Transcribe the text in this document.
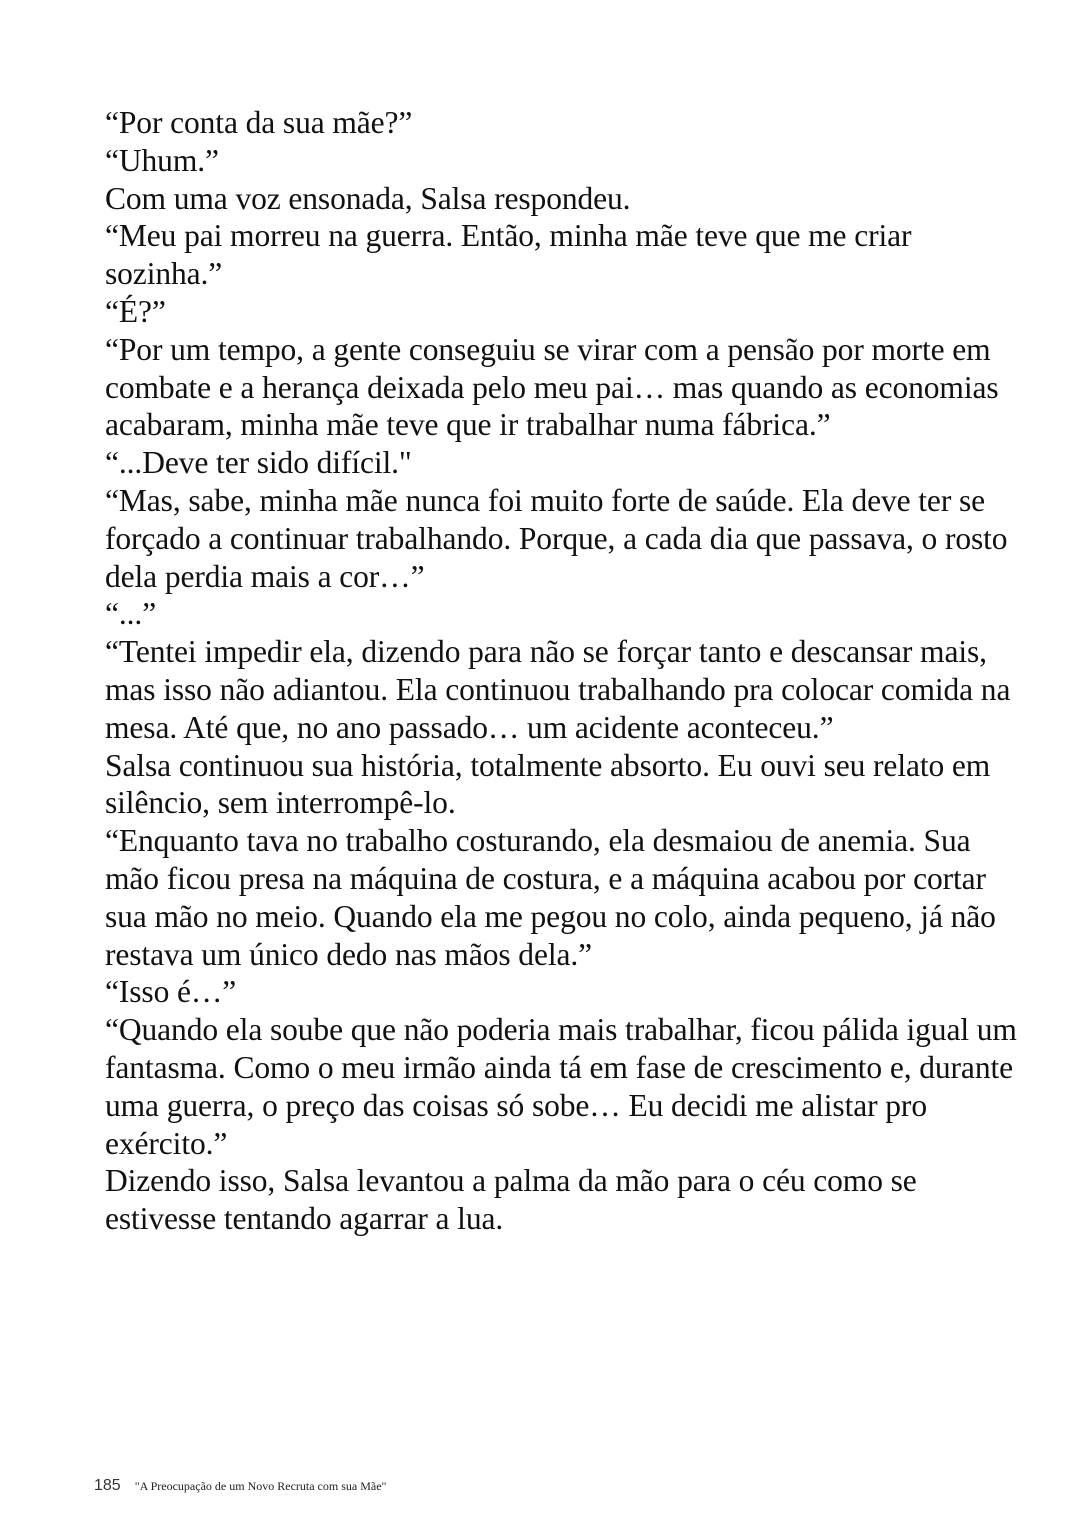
“Por conta da sua mãe?”

“Uhum.”

Com uma voz ensonada, Salsa respondeu.

“Meu pai morreu na guerra. Então, minha mãe teve que me criar sozinha.”

“É?”

“Por um tempo, a gente conseguiu se virar com a pensão por morte em combate e a herança deixada pelo meu pai… mas quando as economias acabaram, minha mãe teve que ir trabalhar numa fábrica.”

“...Deve ter sido difícil."

“Mas, sabe, minha mãe nunca foi muito forte de saúde. Ela deve ter se forçado a continuar trabalhando. Porque, a cada dia que passava, o rosto dela perdia mais a cor…”

“...”

“Tentei impedir ela, dizendo para não se forçar tanto e descansar mais, mas isso não adiantou. Ela continuou trabalhando pra colocar comida na mesa. Até que, no ano passado… um acidente aconteceu.”

Salsa continuou sua história, totalmente absorto. Eu ouvi seu relato em silêncio, sem interrompê-lo.

“Enquanto tava no trabalho costurando, ela desmaiou de anemia. Sua mão ficou presa na máquina de costura, e a máquina acabou por cortar sua mão no meio. Quando ela me pegou no colo, ainda pequeno, já não restava um único dedo nas mãos dela.”

“Isso é…”

“Quando ela soube que não poderia mais trabalhar, ficou pálida igual um fantasma. Como o meu irmão ainda tá em fase de crescimento e, durante uma guerra, o preço das coisas só sobe… Eu decidi me alistar pro exército.”

Dizendo isso, Salsa levantou a palma da mão para o céu como se estivesse tentando agarrar a lua.

185 "A Preocupação de um Novo Recruta com sua Mãe"
